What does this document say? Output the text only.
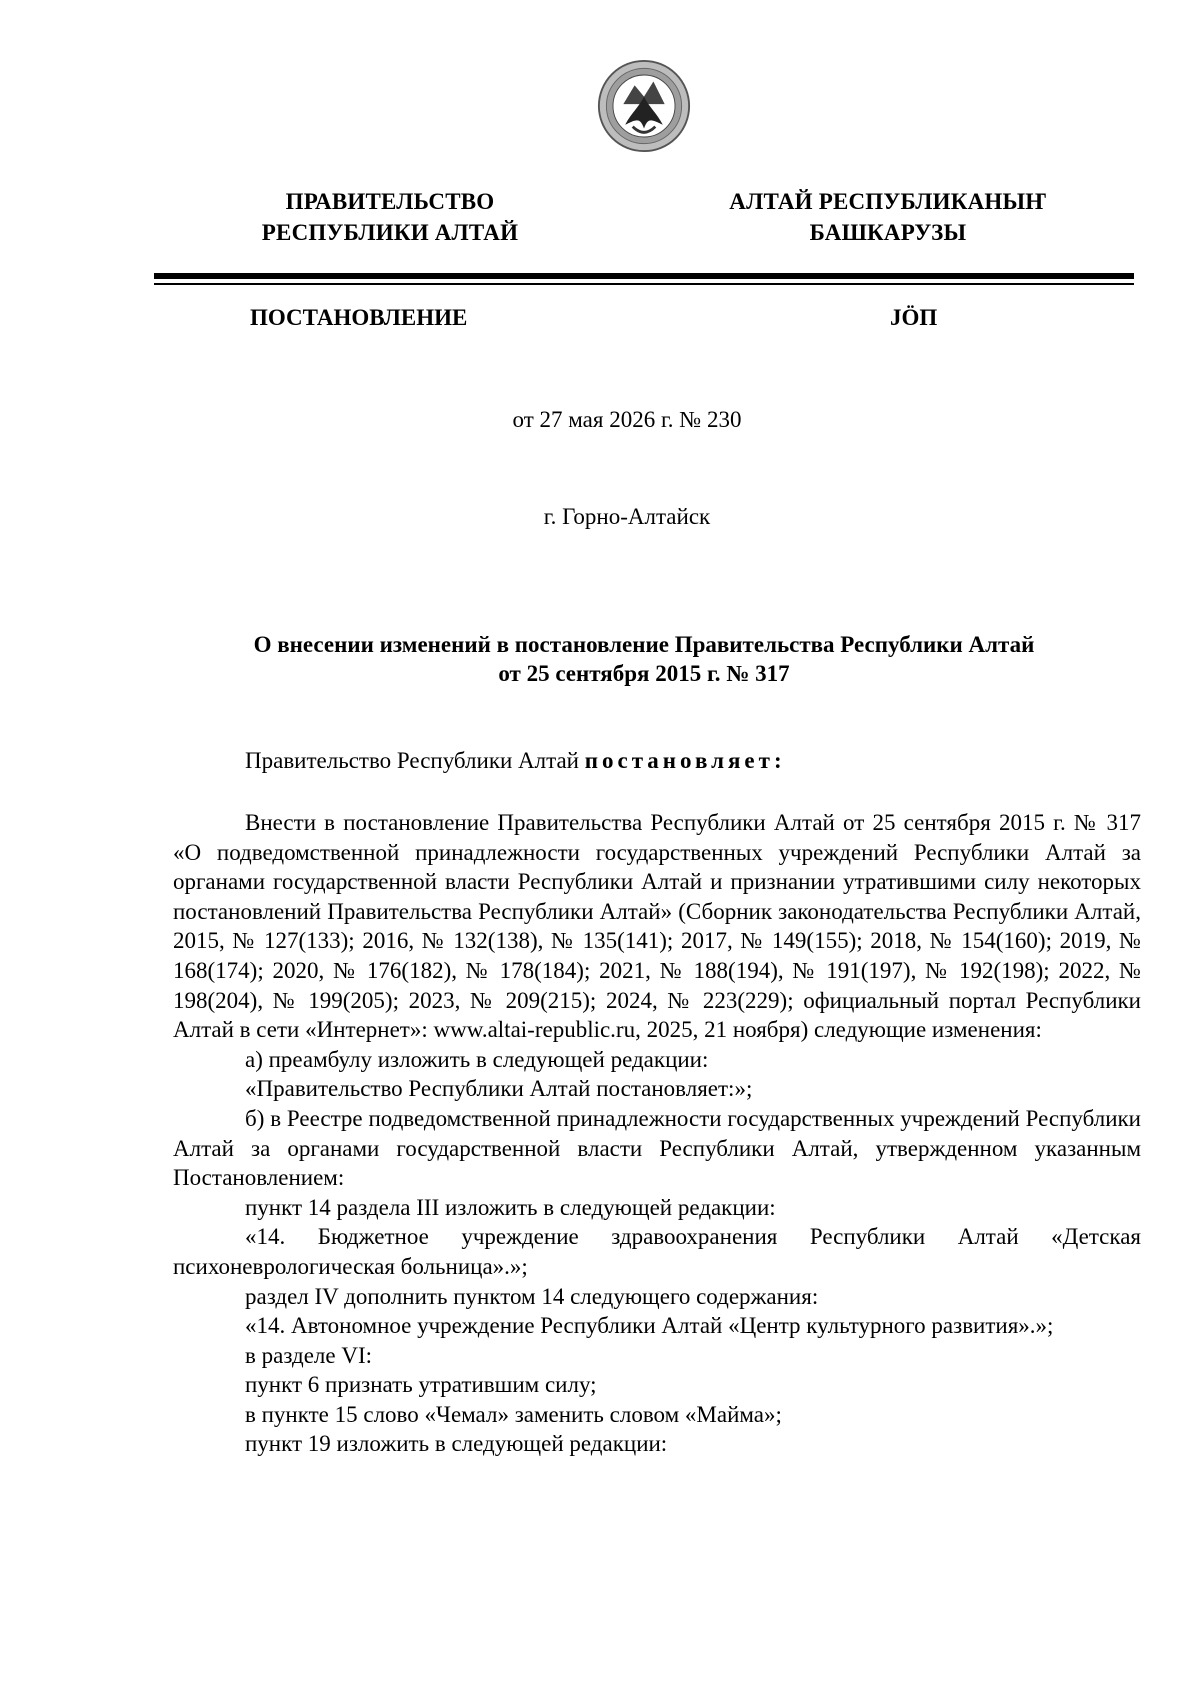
ПРАВИТЕЛЬСТВО
РЕСПУБЛИКИ АЛТАЙ
АЛТАЙ РЕСПУБЛИКАНЫҤ
БАШКАРУЗЫ
ПОСТАНОВЛЕНИЕ	JÖП
от 27 мая 2026 г. № 230
г. Горно-Алтайск
О внесении изменений в постановление Правительства Республики Алтай
от 25 сентября 2015 г. № 317
Правительство Республики Алтай постановляет:

Внести в постановление Правительства Республики Алтай от 25 сентября 2015 г. № 317 «О подведомственной принадлежности государственных учреждений Республики Алтай за органами государственной власти Республики Алтай и признании утратившими силу некоторых постановлений Правительства Республики Алтай» (Сборник законодательства Республики Алтай, 2015, № 127(133); 2016, № 132(138), № 135(141); 2017, № 149(155); 2018, № 154(160); 2019, № 168(174); 2020, № 176(182), № 178(184); 2021, № 188(194), № 191(197), № 192(198); 2022, № 198(204), № 199(205); 2023, № 209(215); 2024, № 223(229); официальный портал Республики Алтай в сети «Интернет»: www.altai-republic.ru, 2025, 21 ноября) следующие изменения:

а) преамбулу изложить в следующей редакции:

«Правительство Республики Алтай постановляет:»;

б) в Реестре подведомственной принадлежности государственных учреждений Республики Алтай за органами государственной власти Республики Алтай, утвержденном указанным Постановлением:

пункт 14 раздела III изложить в следующей редакции:

«14. Бюджетное учреждение здравоохранения Республики Алтай «Детская психоневрологическая больница».»;

раздел IV дополнить пунктом 14 следующего содержания:

«14. Автономное учреждение Республики Алтай «Центр культурного развития».»;

в разделе VI:

пункт 6 признать утратившим силу;

в пункте 15 слово «Чемал» заменить словом «Майма»;

пункт 19 изложить в следующей редакции:
